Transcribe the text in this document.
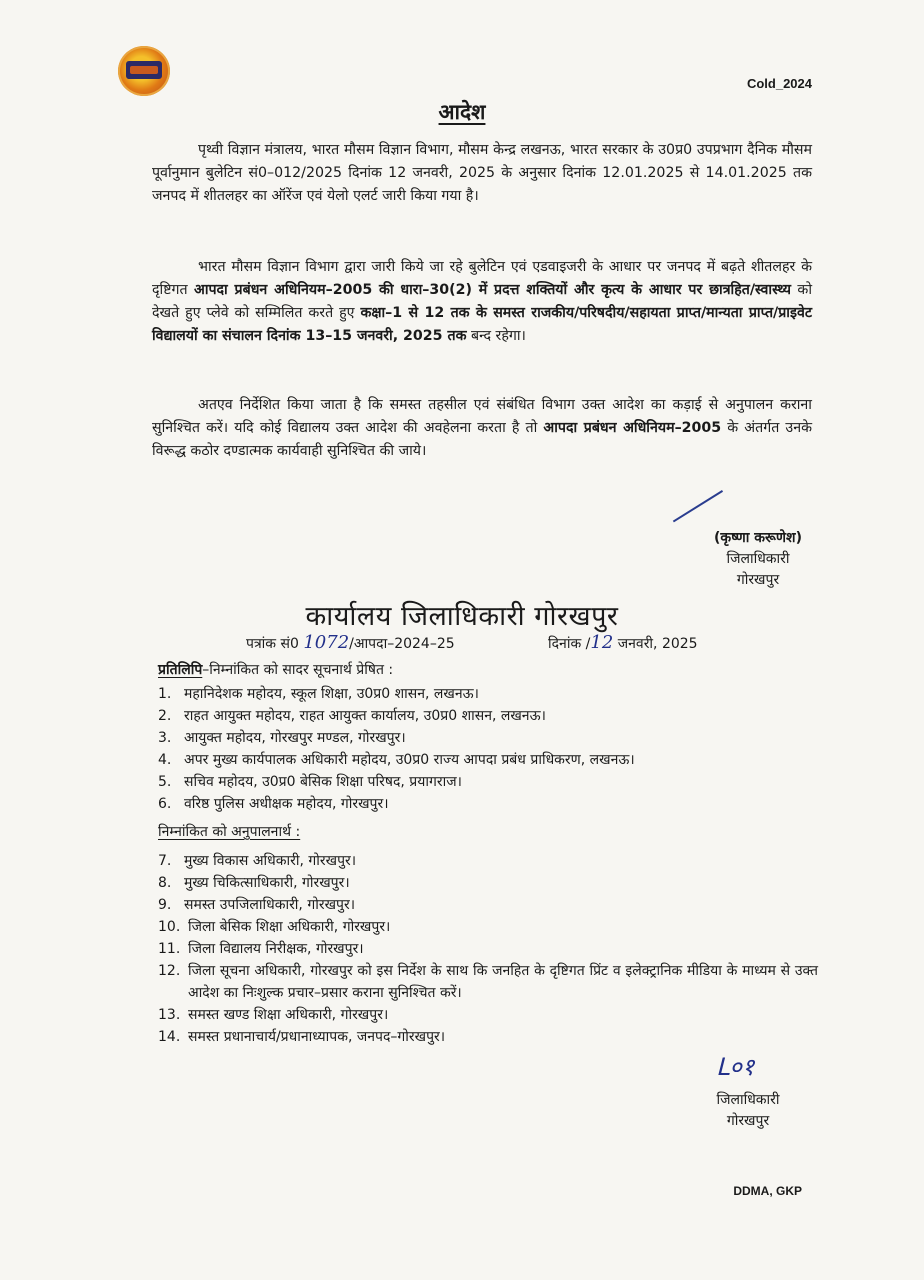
Cold_2024
आदेश
पृथ्वी विज्ञान मंत्रालय, भारत मौसम विज्ञान विभाग, मौसम केन्द्र लखनऊ, भारत सरकार के उ0प्र0 उपप्रभाग दैनिक मौसम पूर्वानुमान बुलेटिन सं0–012/2025 दिनांक 12 जनवरी, 2025 के अनुसार दिनांक 12.01.2025 से 14.01.2025 तक जनपद में शीतलहर का ऑरेंज एवं येलो एलर्ट जारी किया गया है।
भारत मौसम विज्ञान विभाग द्वारा जारी किये जा रहे बुलेटिन एवं एडवाइजरी के आधार पर जनपद में बढ़ते शीतलहर के दृष्टिगत आपदा प्रबंधन अधिनियम–2005 की धारा–30(2) में प्रदत्त शक्तियों और कृत्य के आधार पर छात्रहित/स्वास्थ्य को देखते हुए प्लेवे को सम्मिलित करते हुए कक्षा–1 से 12 तक के समस्त राजकीय/परिषदीय/सहायता प्राप्त/मान्यता प्राप्त/प्राइवेट विद्यालयों का संचालन दिनांक 13–15 जनवरी, 2025 तक बन्द रहेगा।
अतएव निर्देशित किया जाता है कि समस्त तहसील एवं संबंधित विभाग उक्त आदेश का कड़ाई से अनुपालन कराना सुनिश्चित करें। यदि कोई विद्यालय उक्त आदेश की अवहेलना करता है तो आपदा प्रबंधन अधिनियम–2005 के अंतर्गत उनके विरूद्ध कठोर दण्डात्मक कार्यवाही सुनिश्चित की जाये।
(कृष्णा करूणेश)
जिलाधिकारी
गोरखपुर
कार्यालय जिलाधिकारी गोरखपुर
पत्रांक सं0 1072/आपदा–2024–25	दिनांक /12 जनवरी, 2025
प्रतिलिपि–निम्नांकित को सादर सूचनार्थ प्रेषित :
1. महानिदेशक महोदय, स्कूल शिक्षा, उ0प्र0 शासन, लखनऊ।
2. राहत आयुक्त महोदय, राहत आयुक्त कार्यालय, उ0प्र0 शासन, लखनऊ।
3. आयुक्त महोदय, गोरखपुर मण्डल, गोरखपुर।
4. अपर मुख्य कार्यपालक अधिकारी महोदय, उ0प्र0 राज्य आपदा प्रबंध प्राधिकरण, लखनऊ।
5. सचिव महोदय, उ0प्र0 बेसिक शिक्षा परिषद, प्रयागराज।
6. वरिष्ठ पुलिस अधीक्षक महोदय, गोरखपुर।
निम्नांकित को अनुपालनार्थ :
7. मुख्य विकास अधिकारी, गोरखपुर।
8. मुख्य चिकित्साधिकारी, गोरखपुर।
9. समस्त उपजिलाधिकारी, गोरखपुर।
10. जिला बेसिक शिक्षा अधिकारी, गोरखपुर।
11. जिला विद्यालय निरीक्षक, गोरखपुर।
12. जिला सूचना अधिकारी, गोरखपुर को इस निर्देश के साथ कि जनहित के दृष्टिगत प्रिंट व इलेक्ट्रानिक मीडिया के माध्यम से उक्त आदेश का निःशुल्क प्रचार–प्रसार कराना सुनिश्चित करें।
13. समस्त खण्ड शिक्षा अधिकारी, गोरखपुर।
14. समस्त प्रधानाचार्य/प्रधानाध्यापक, जनपद–गोरखपुर।
ᒪ०१
जिलाधिकारी
गोरखपुर
DDMA, GKP
